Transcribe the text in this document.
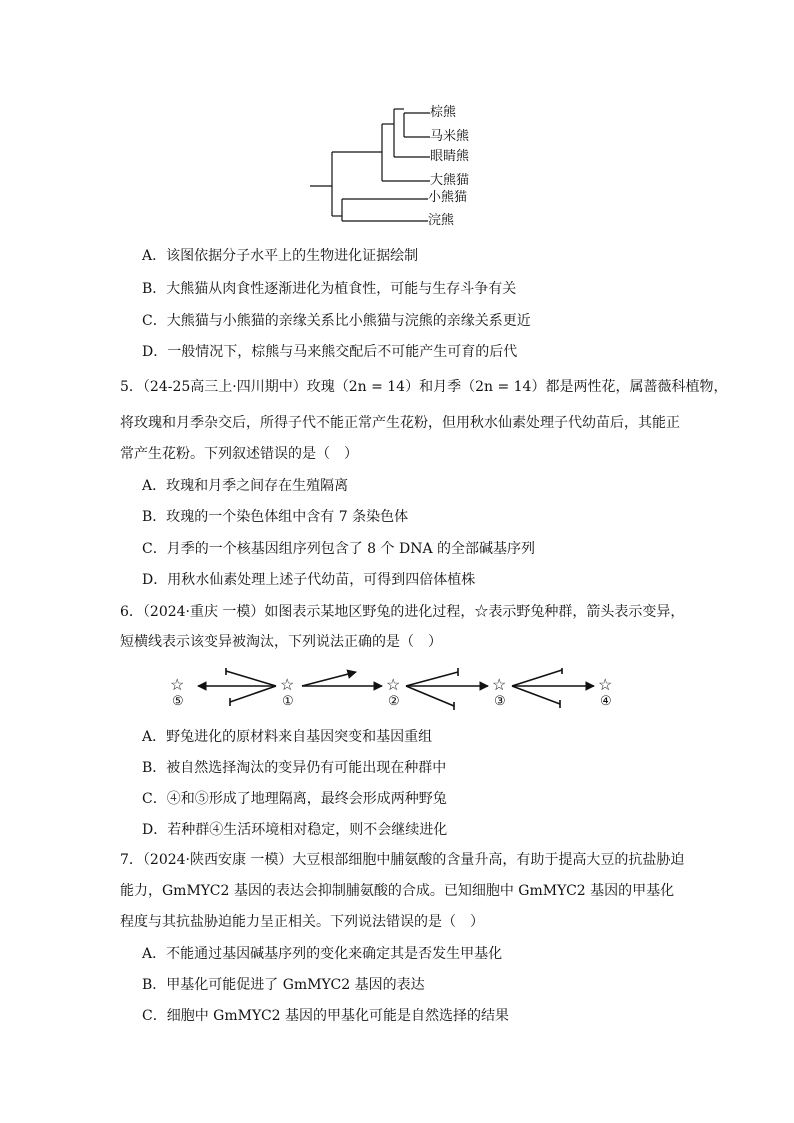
棕熊
马米熊
眼睛熊
大熊猫
小熊猫
浣熊
A．该图依据分子水平上的生物进化证据绘制
B．大熊猫从肉食性逐渐进化为植食性，可能与生存斗争有关
C．大熊猫与小熊猫的亲缘关系比小熊猫与浣熊的亲缘关系更近
D．一般情况下，棕熊与马来熊交配后不可能产生可育的后代
5．（24-25高三上·四川期中）玫瑰（2n = 14）和月季（2n = 14）都是两性花，属蔷薇科植物，
将玫瑰和月季杂交后，所得子代不能正常产生花粉，但用秋水仙素处理子代幼苗后，其能正
常产生花粉。下列叙述错误的是（　）
A．玫瑰和月季之间存在生殖隔离
B．玫瑰的一个染色体组中含有 7 条染色体
C．月季的一个核基因组序列包含了 8 个 DNA 的全部碱基序列
D．用秋水仙素处理上述子代幼苗，可得到四倍体植株
6．（2024·重庆 一模）如图表示某地区野兔的进化过程，☆表示野兔种群，箭头表示变异，
短横线表示该变异被淘汰，下列说法正确的是（　）
☆
⑤
☆
①
☆
②
☆
③
☆
④
A．野兔进化的原材料来自基因突变和基因重组
B．被自然选择淘汰的变异仍有可能出现在种群中
C．④和⑤形成了地理隔离，最终会形成两种野兔
D．若种群④生活环境相对稳定，则不会继续进化
7．（2024·陕西安康 一模）大豆根部细胞中脯氨酸的含量升高，有助于提高大豆的抗盐胁迫
能力，GmMYC2 基因的表达会抑制脯氨酸的合成。已知细胞中 GmMYC2 基因的甲基化
程度与其抗盐胁迫能力呈正相关。下列说法错误的是（　）
A．不能通过基因碱基序列的变化来确定其是否发生甲基化
B．甲基化可能促进了 GmMYC2 基因的表达
C．细胞中 GmMYC2 基因的甲基化可能是自然选择的结果
